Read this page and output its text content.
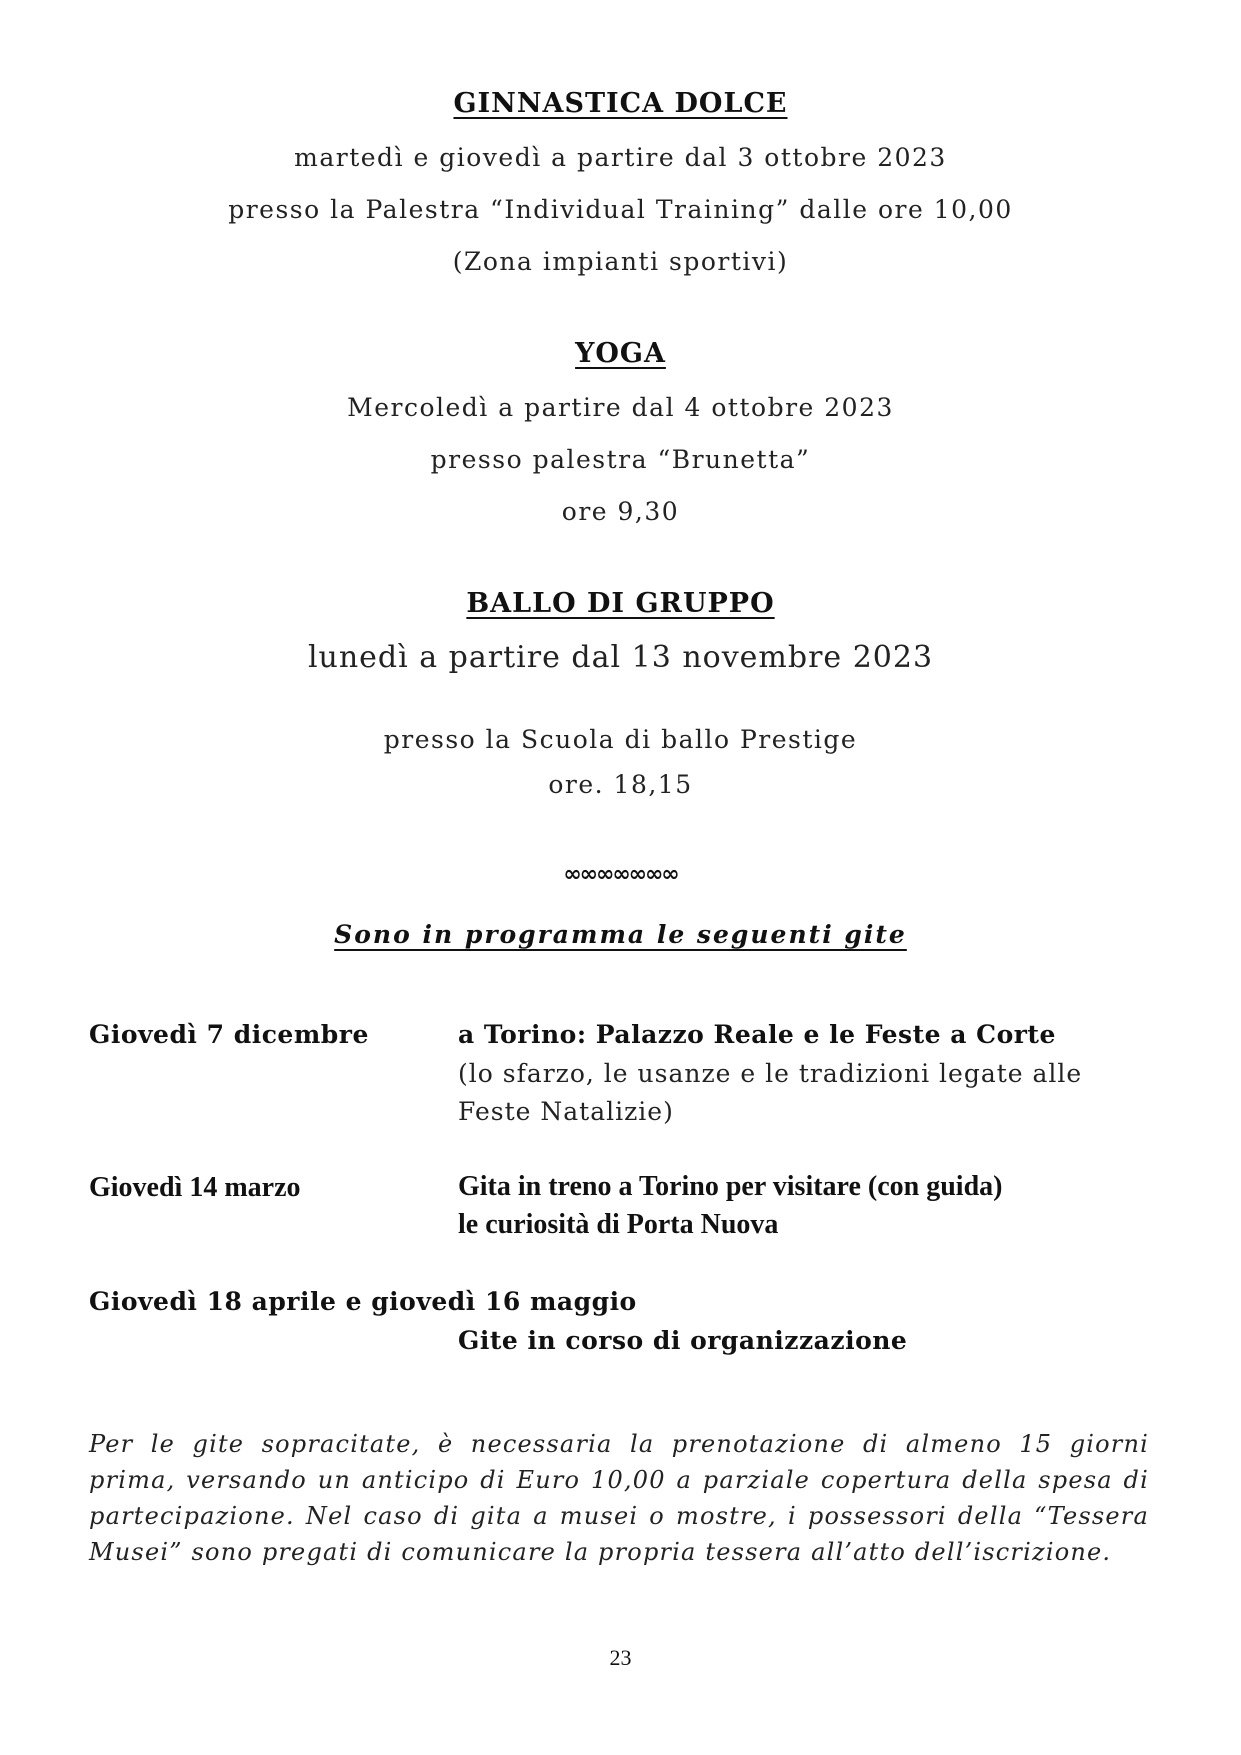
GINNASTICA DOLCE
martedì e giovedì a partire dal 3 ottobre 2023
presso la Palestra “Individual Training” dalle ore 10,00
(Zona impianti sportivi)
YOGA
Mercoledì a partire dal 4 ottobre 2023
presso palestra “Brunetta”
ore 9,30
BALLO DI GRUPPO
lunedì a partire dal 13 novembre 2023
presso la Scuola di ballo Prestige
ore. 18,15
∞∞∞∞∞∞∞
Sono in programma le seguenti gite
Giovedì 7 dicembre	a Torino: Palazzo Reale e le Feste a Corte
(lo sfarzo, le usanze e le tradizioni legate alle
Feste Natalizie)
Giovedì 14 marzo	Gita in treno a Torino per visitare (con guida)
le curiosità di Porta Nuova
Giovedì 18 aprile e giovedì 16 maggio
Gite in corso di organizzazione
Per le gite sopracitate, è necessaria la prenotazione di almeno 15 giorni prima, versando un anticipo di Euro 10,00 a parziale copertura della spesa di partecipazione. Nel caso di gita a musei o mostre, i possessori della “Tessera Musei” sono pregati di comunicare la propria tessera all’atto dell’iscrizione.
23
